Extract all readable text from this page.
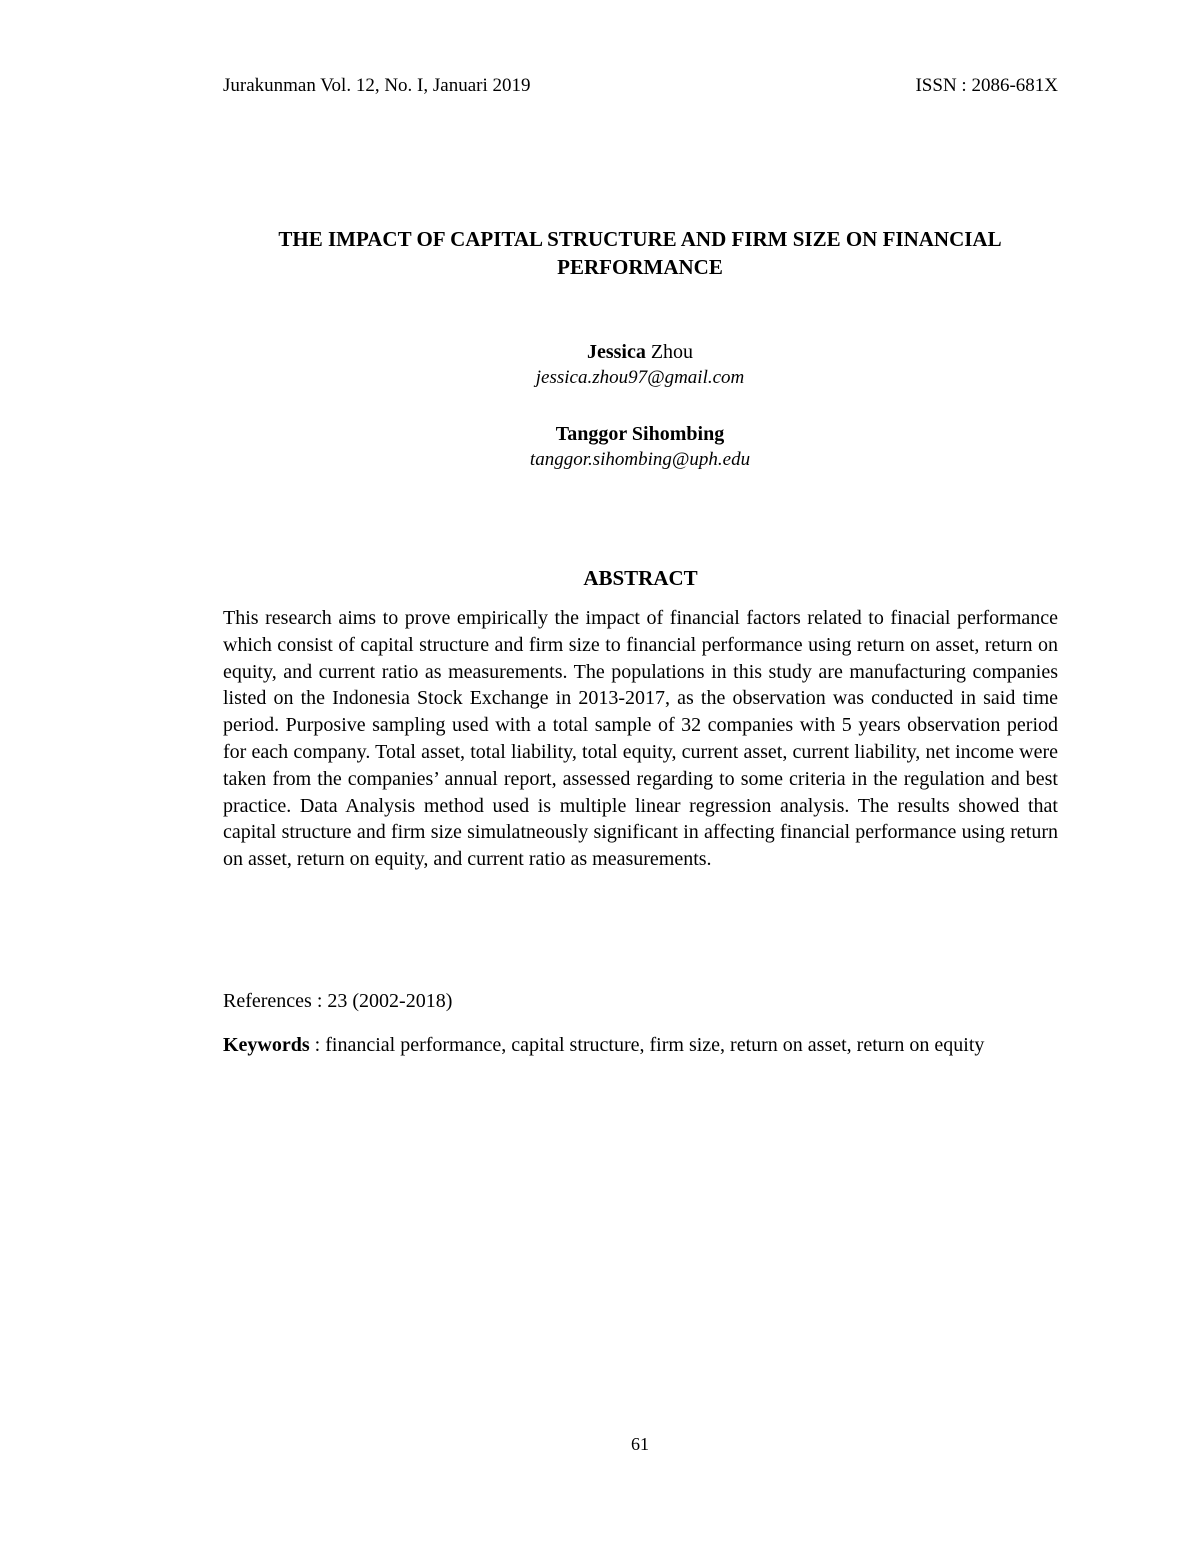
Jurakunman Vol. 12, No. I, Januari 2019	ISSN : 2086-681X
THE IMPACT OF CAPITAL STRUCTURE AND FIRM SIZE ON FINANCIAL PERFORMANCE
Jessica Zhou
jessica.zhou97@gmail.com
Tanggor Sihombing
tanggor.sihombing@uph.edu
ABSTRACT

This research aims to prove empirically the impact of financial factors related to finacial performance which consist of capital structure and firm size to financial performance using return on asset, return on equity, and current ratio as measurements. The populations in this study are manufacturing companies listed on the Indonesia Stock Exchange in 2013-2017, as the observation was conducted in said time period. Purposive sampling used with a total sample of 32 companies with 5 years observation period for each company. Total asset, total liability, total equity, current asset, current liability, net income were taken from the companies’ annual report, assessed regarding to some criteria in the regulation and best practice. Data Analysis method used is multiple linear regression analysis. The results showed that capital structure and firm size simulatneously significant in affecting financial performance using return on asset, return on equity, and current ratio as measurements.

References : 23 (2002-2018)
Keywords : financial performance, capital structure, firm size, return on asset, return on equity
61
